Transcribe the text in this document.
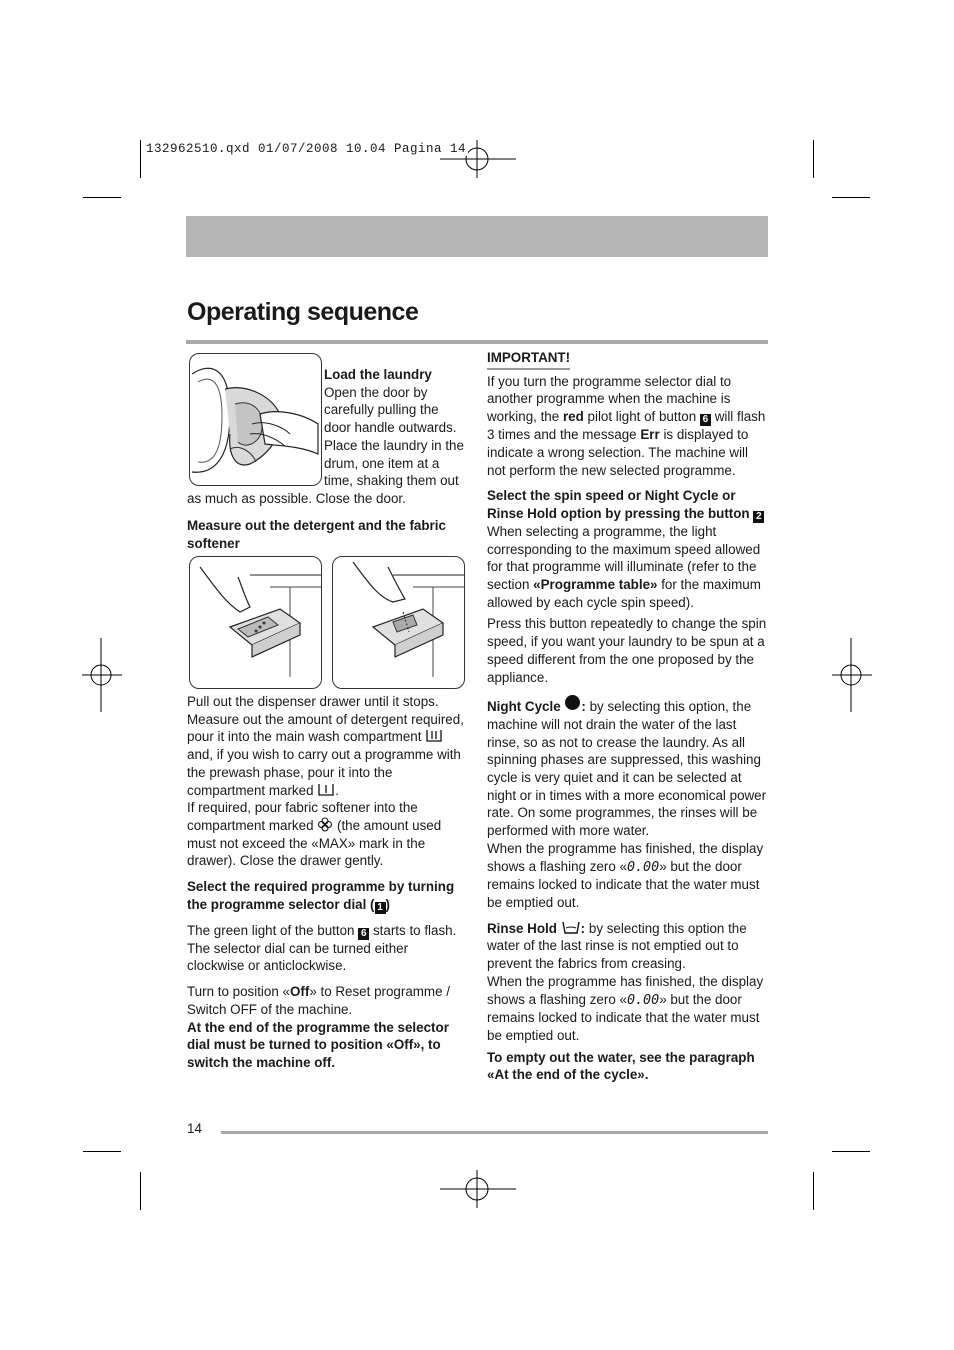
132962510.qxd 01/07/2008 10.04 Pagina 14
Operating sequence

Load the laundry

Open the door by

carefully pulling the

door handle outwards.

Place the laundry in the

drum, one item at a

time, shaking them out

as much as possible. Close the door.

Measure out the detergent and the fabric softener

Pull out the dispenser drawer until it stops. Measure out the amount of detergent required, pour it into the main wash compartment  and, if you wish to carry out a programme with the prewash phase, pour it into the compartment marked .

If required, pour fabric softener into the compartment marked (the amount used must not exceed the «MAX» mark in the drawer). Close the drawer gently.

Select the required programme by turning the programme selector dial ( 1 )

The green light of the button 6 starts to flash. The selector dial can be turned either clockwise or anticlockwise.

Turn to position «Off» to Reset programme / Switch OFF of the machine.

At the end of the programme the selector dial must be turned to position «Off», to switch the machine off.

IMPORTANT!

If you turn the programme selector dial to another programme when the machine is working, the red pilot light of button 6 will flash 3 times and the message Err is displayed to indicate a wrong selection. The machine will not perform the new selected programme.

Select the spin speed or Night Cycle or Rinse Hold option by pressing the button 2

When selecting a programme, the light corresponding to the maximum speed allowed for that programme will illuminate (refer to the section «Programme table» for the maximum allowed by each cycle spin speed).

Press this button repeatedly to change the spin speed, if you want your laundry to be spun at a speed different from the one proposed by the appliance.

Night Cycle : by selecting this option, the machine will not drain the water of the last rinse, so as not to crease the laundry. As all spinning phases are suppressed, this washing cycle is very quiet and it can be selected at night or in times with a more economical power rate. On some programmes, the rinses will be performed with more water.

When the programme has finished, the display shows a flashing zero «0.00» but the door remains locked to indicate that the water must be emptied out.

Rinse Hold : by selecting this option the water of the last rinse is not emptied out to prevent the fabrics from creasing.

When the programme has finished, the display shows a flashing zero «0.00» but the door remains locked to indicate that the water must be emptied out.

To empty out the water, see the paragraph «At the end of the cycle».

14
